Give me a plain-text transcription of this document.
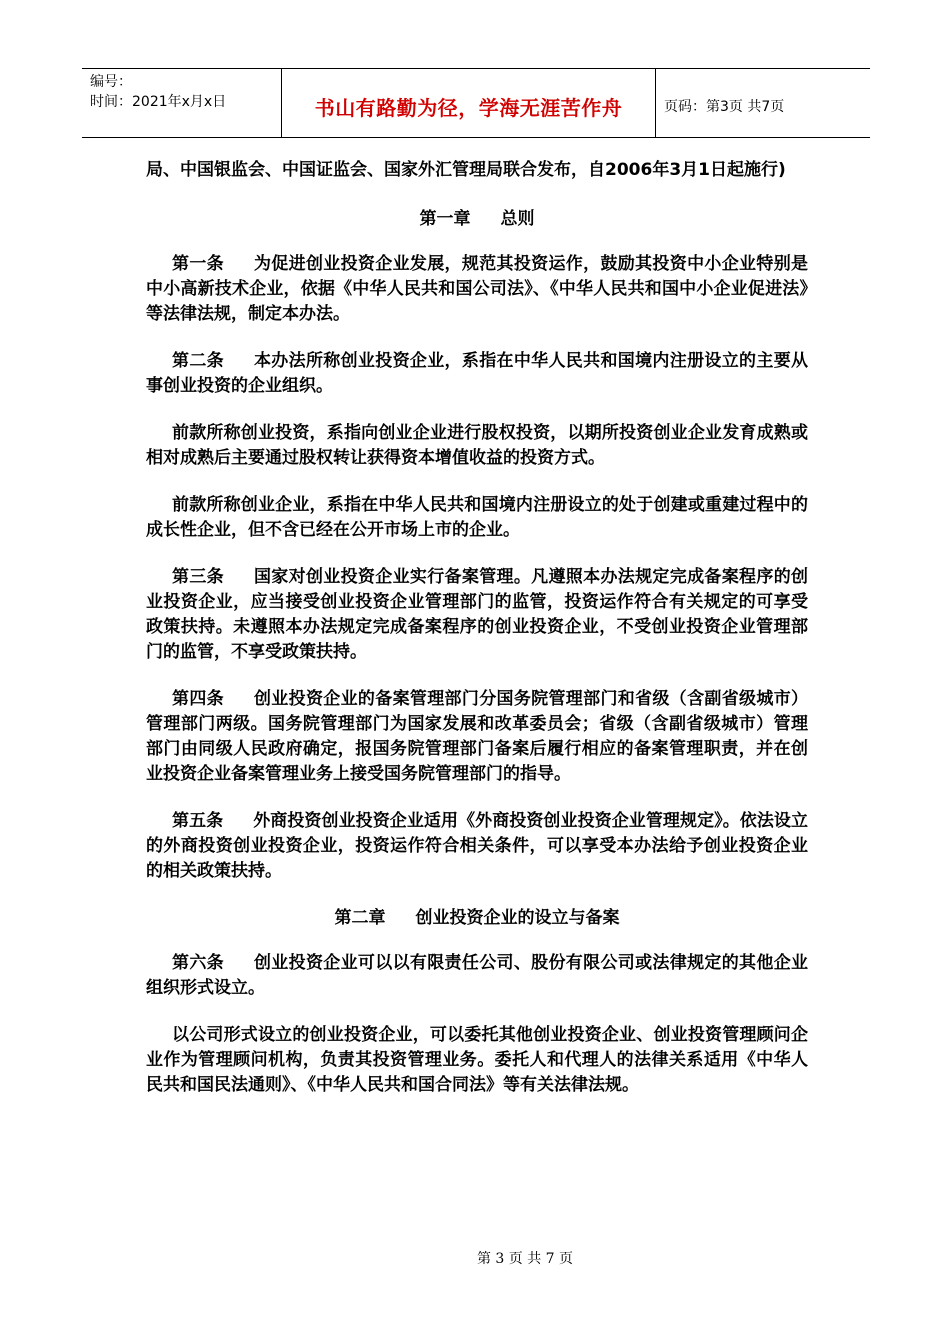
编号：
时间：2021年x月x日	书山有路勤为径，学海无涯苦作舟	页码：第3页 共7页

局、中国银监会、中国证监会、国家外汇管理局联合发布，自2006年3月1日起施行)

第一章 总则

第一条 为促进创业投资企业发展，规范其投资运作，鼓励其投资中小企业特别是中小高新技术企业，依据《中华人民共和国公司法》、《中华人民共和国中小企业促进法》等法律法规，制定本办法。

第二条 本办法所称创业投资企业，系指在中华人民共和国境内注册设立的主要从事创业投资的企业组织。

前款所称创业投资，系指向创业企业进行股权投资，以期所投资创业企业发育成熟或相对成熟后主要通过股权转让获得资本增值收益的投资方式。

前款所称创业企业，系指在中华人民共和国境内注册设立的处于创建或重建过程中的成长性企业，但不含已经在公开市场上市的企业。

第三条 国家对创业投资企业实行备案管理。凡遵照本办法规定完成备案程序的创业投资企业，应当接受创业投资企业管理部门的监管，投资运作符合有关规定的可享受政策扶持。未遵照本办法规定完成备案程序的创业投资企业，不受创业投资企业管理部门的监管，不享受政策扶持。

第四条 创业投资企业的备案管理部门分国务院管理部门和省级（含副省级城市）管理部门两级。国务院管理部门为国家发展和改革委员会；省级（含副省级城市）管理部门由同级人民政府确定，报国务院管理部门备案后履行相应的备案管理职责，并在创业投资企业备案管理业务上接受国务院管理部门的指导。

第五条 外商投资创业投资企业适用《外商投资创业投资企业管理规定》。依法设立的外商投资创业投资企业，投资运作符合相关条件，可以享受本办法给予创业投资企业的相关政策扶持。

第二章 创业投资企业的设立与备案

第六条 创业投资企业可以以有限责任公司、股份有限公司或法律规定的其他企业组织形式设立。

以公司形式设立的创业投资企业，可以委托其他创业投资企业、创业投资管理顾问企业作为管理顾问机构，负责其投资管理业务。委托人和代理人的法律关系适用《中华人民共和国民法通则》、《中华人民共和国合同法》等有关法律法规。

第 3 页 共 7 页
